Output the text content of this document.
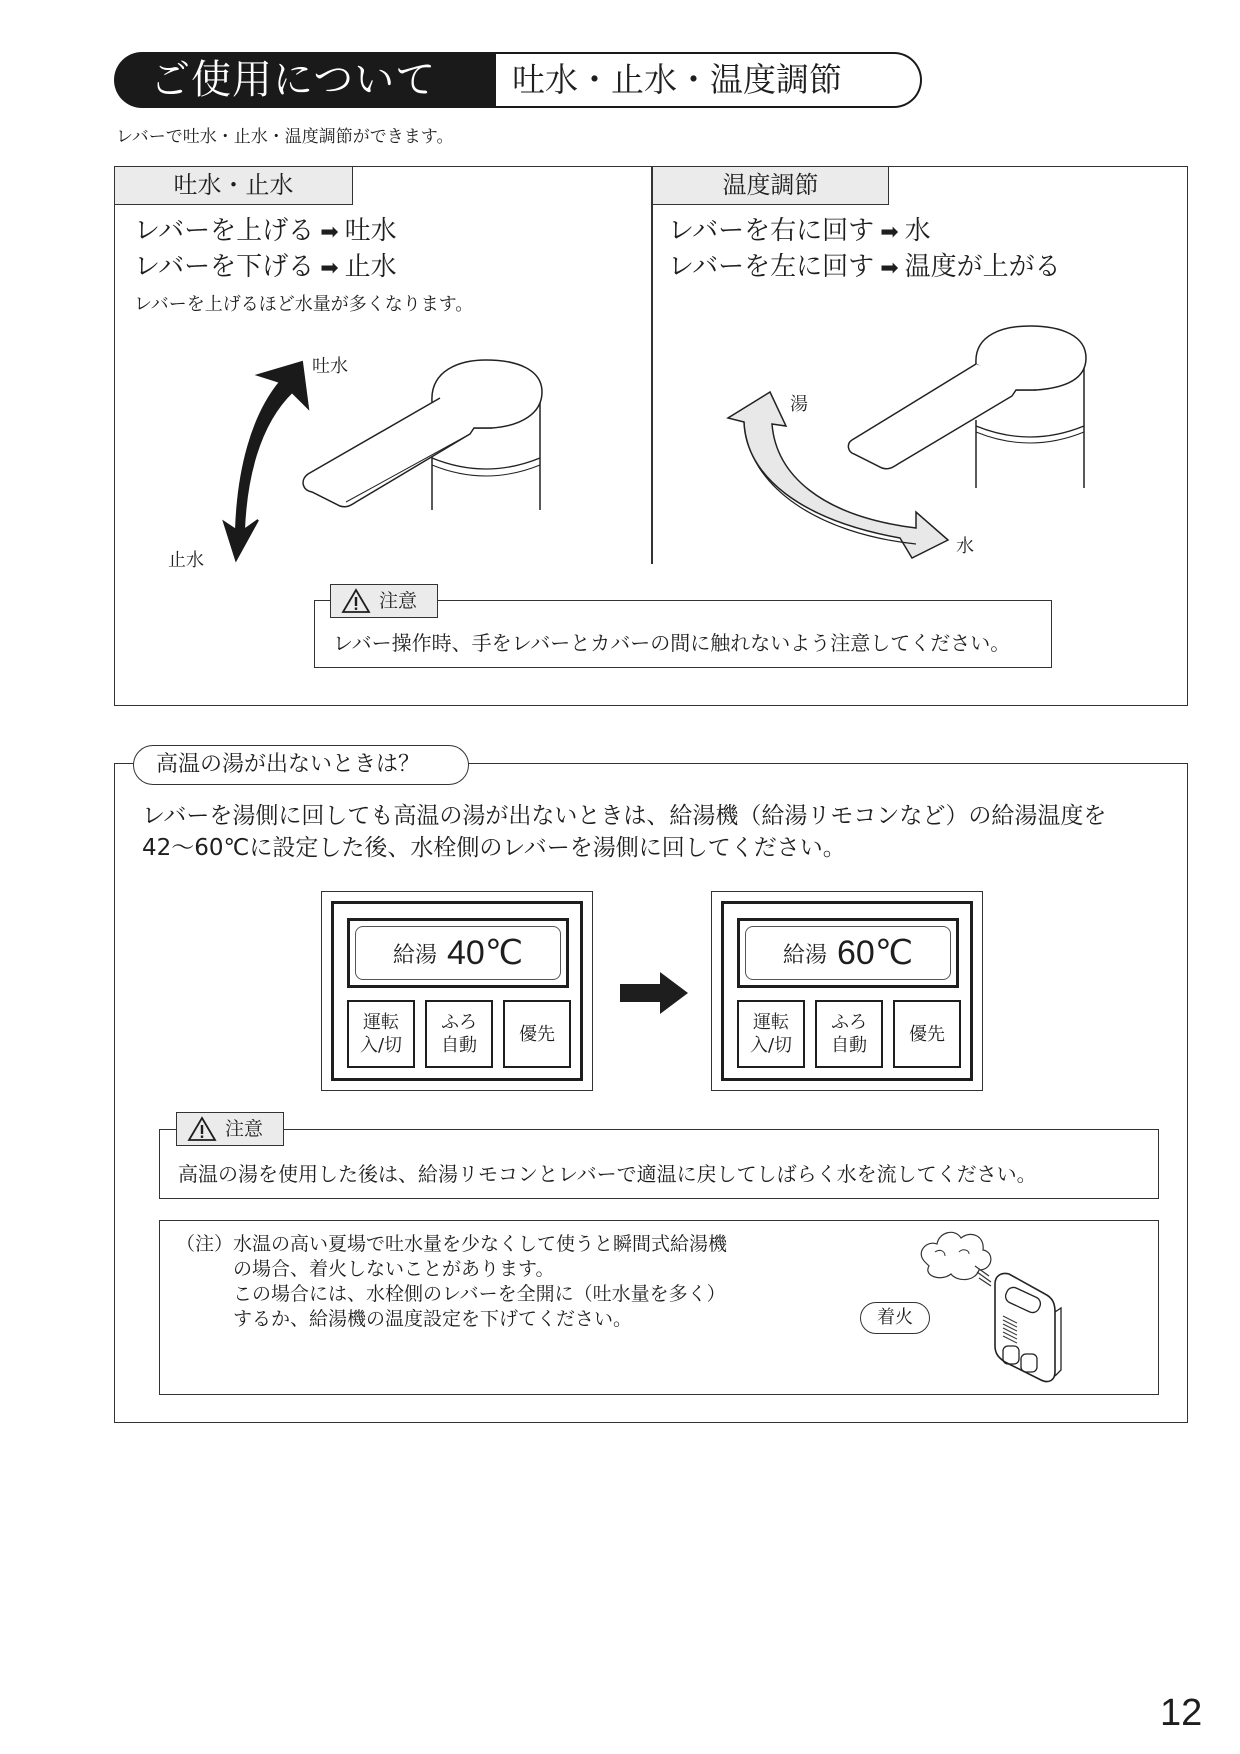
ご使用について	吐水・止水・温度調節
レバーで吐水・止水・温度調節ができます。
吐水・止水	温度調節
レバーを上げる ➡ 吐水
レバーを下げる ➡ 止水
レバーを上げるほど水量が多くなります。
レバーを右に回す ➡ 水
レバーを左に回す ➡ 温度が上がる
吐水
止水
湯
水
レバー操作時、手をレバーとカバーの間に触れないよう注意してください。
注意
高温の湯が出ないときは？
レバーを湯側に回しても高温の湯が出ないときは、給湯機（給湯リモコンなど）の給湯温度を
42～60℃に設定した後、水栓側のレバーを湯側に回してください。
給湯 40℃
運転
入/切
ふろ
自動
優先
給湯 60℃
運転
入/切
ふろ
自動
優先
高温の湯を使用した後は、給湯リモコンとレバーで適温に戻してしばらく水を流してください。
注意
（注）水温の高い夏場で吐水量を少なくして使うと瞬間式給湯機
の場合、着火しないことがあります。
この場合には、水栓側のレバーを全開に（吐水量を多く）
するか、給湯機の温度設定を下げてください。	着火
12
